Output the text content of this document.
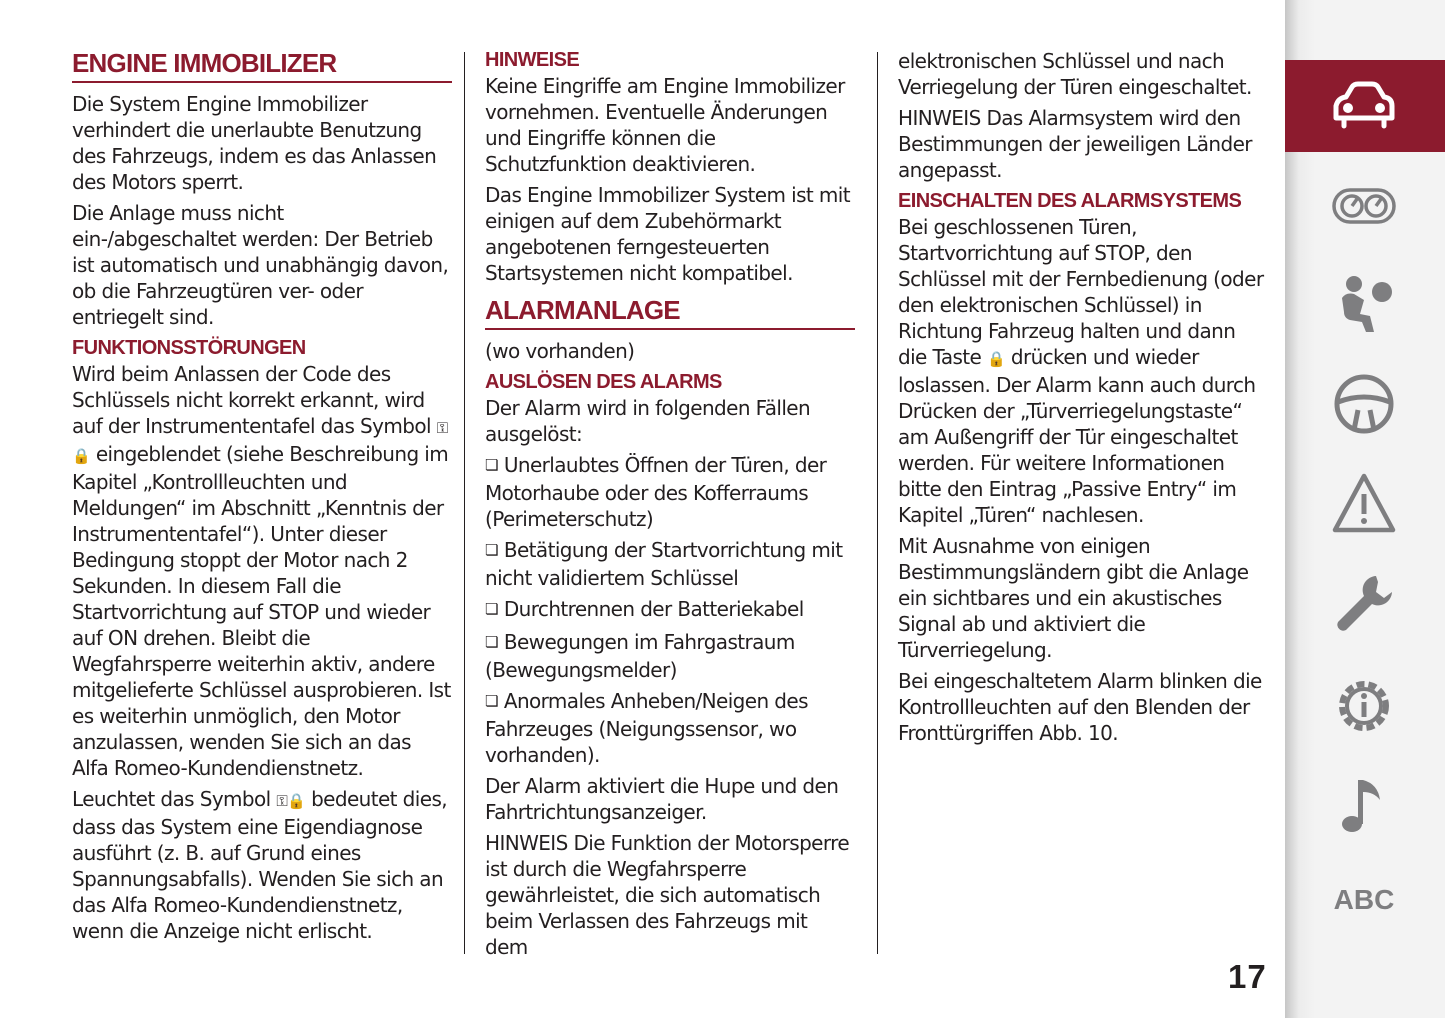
ENGINE IMMOBILIZER

Die System Engine Immobilizer verhindert die unerlaubte Benutzung des Fahrzeugs, indem es das Anlassen des Motors sperrt.

Die Anlage muss nicht ein-/abgeschaltet werden: Der Betrieb ist automatisch und unabhängig davon, ob die Fahrzeugtüren ver- oder entriegelt sind.

FUNKTIONSSTÖRUNGEN

Wird beim Anlassen der Code des Schlüssels nicht korrekt erkannt, wird auf der Instrumententafel das Symbol ⚿🔒 eingeblendet (siehe Beschreibung im Kapitel „Kontrollleuchten und Meldungen“ im Abschnitt „Kenntnis der Instrumententafel“). Unter dieser Bedingung stoppt der Motor nach 2 Sekunden. In diesem Fall die Startvorrichtung auf STOP und wieder auf ON drehen. Bleibt die Wegfahrsperre weiterhin aktiv, andere mitgelieferte Schlüssel ausprobieren. Ist es weiterhin unmöglich, den Motor anzulassen, wenden Sie sich an das Alfa Romeo-Kundendienstnetz.

Leuchtet das Symbol ⚿🔒 bedeutet dies, dass das System eine Eigendiagnose ausführt (z. B. auf Grund eines Spannungsabfalls). Wenden Sie sich an das Alfa Romeo-Kundendienstnetz, wenn die Anzeige nicht erlischt.

HINWEISE

Keine Eingriffe am Engine Immobilizer vornehmen. Eventuelle Änderungen und Eingriffe können die Schutzfunktion deaktivieren.

Das Engine Immobilizer System ist mit einigen auf dem Zubehörmarkt angebotenen ferngesteuerten Startsystemen nicht kompatibel.

ALARMANLAGE

(wo vorhanden)

AUSLÖSEN DES ALARMS

Der Alarm wird in folgenden Fällen ausgelöst:

❏ Unerlaubtes Öffnen der Türen, der Motorhaube oder des Kofferraums (Perimeterschutz)

❏ Betätigung der Startvorrichtung mit nicht validiertem Schlüssel

❏ Durchtrennen der Batteriekabel

❏ Bewegungen im Fahrgastraum (Bewegungsmelder)

❏ Anormales Anheben/Neigen des Fahrzeuges (Neigungssensor, wo vorhanden).

Der Alarm aktiviert die Hupe und den Fahrtrichtungsanzeiger.

HINWEIS Die Funktion der Motorsperre ist durch die Wegfahrsperre gewährleistet, die sich automatisch beim Verlassen des Fahrzeugs mit dem

elektronischen Schlüssel und nach Verriegelung der Türen eingeschaltet.

HINWEIS Das Alarmsystem wird den Bestimmungen der jeweiligen Länder angepasst.

EINSCHALTEN DES ALARMSYSTEMS

Bei geschlossenen Türen, Startvorrichtung auf STOP, den Schlüssel mit der Fernbedienung (oder den elektronischen Schlüssel) in Richtung Fahrzeug halten und dann die Taste 🔒 drücken und wieder loslassen. Der Alarm kann auch durch Drücken der „Türverriegelungstaste“ am Außengriff der Tür eingeschaltet werden. Für weitere Informationen bitte den Eintrag „Passive Entry“ im Kapitel „Türen“ nachlesen.

Mit Ausnahme von einigen Bestimmungsländern gibt die Anlage ein sichtbares und ein akustisches Signal ab und aktiviert die Türverriegelung.

Bei eingeschaltetem Alarm blinken die Kontrollleuchten auf den Blenden der Fronttürgriffen Abb. 10.

ABC
17
